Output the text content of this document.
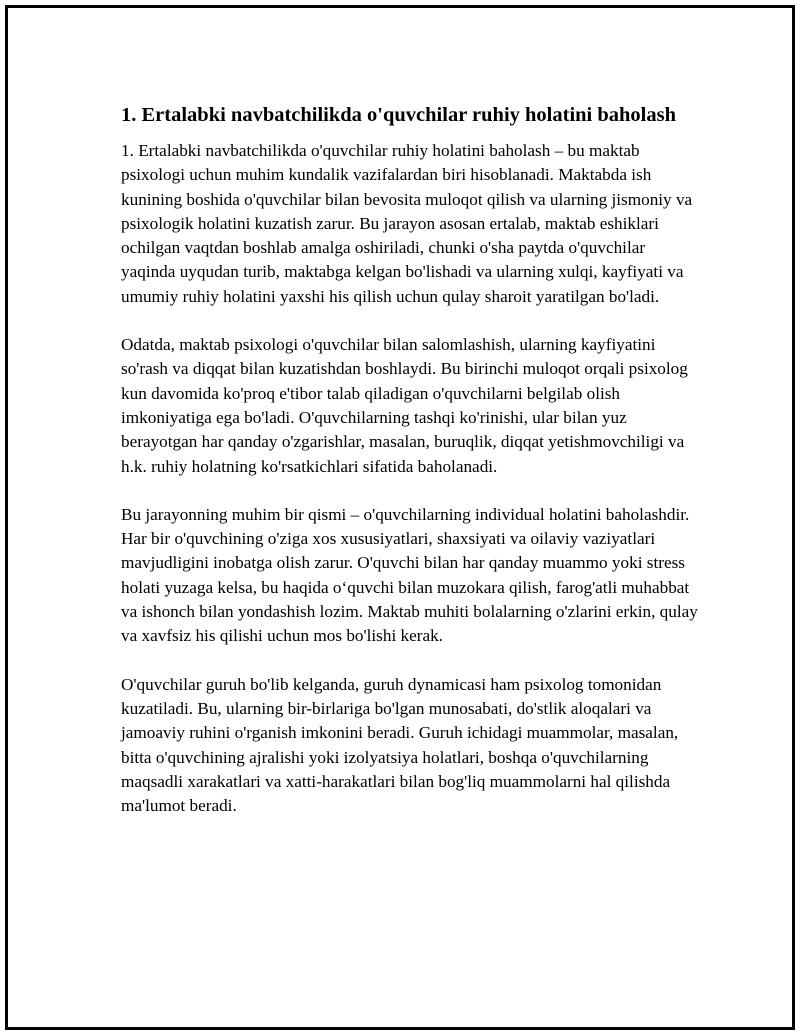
1. Ertalabki navbatchilikda o'quvchilar ruhiy holatini baholash

1. Ertalabki navbatchilikda o'quvchilar ruhiy holatini baholash – bu maktab psixologi uchun muhim kundalik vazifalardan biri hisoblanadi. Maktabda ish kunining boshida o'quvchilar bilan bevosita muloqot qilish va ularning jismoniy va psixologik holatini kuzatish zarur. Bu jarayon asosan ertalab, maktab eshiklari ochilgan vaqtdan boshlab amalga oshiriladi, chunki o'sha paytda o'quvchilar yaqinda uyqudan turib, maktabga kelgan bo'lishadi va ularning xulqi, kayfiyati va umumiy ruhiy holatini yaxshi his qilish uchun qulay sharoit yaratilgan bo'ladi.

Odatda, maktab psixologi o'quvchilar bilan salomlashish, ularning kayfiyatini so'rash va diqqat bilan kuzatishdan boshlaydi. Bu birinchi muloqot orqali psixolog kun davomida ko'proq e'tibor talab qiladigan o'quvchilarni belgilab olish imkoniyatiga ega bo'ladi. O'quvchilarning tashqi ko'rinishi, ular bilan yuz berayotgan har qanday o'zgarishlar, masalan, buruqlik, diqqat yetishmovchiligi va h.k. ruhiy holatning ko'rsatkichlari sifatida baholanadi.

Bu jarayonning muhim bir qismi – o'quvchilarning individual holatini baholashdir. Har bir o'quvchining o'ziga xos xususiyatlari, shaxsiyati va oilaviy vaziyatlari mavjudligini inobatga olish zarur. O'quvchi bilan har qanday muammo yoki stress holati yuzaga kelsa, bu haqida o‘quvchi bilan muzokara qilish, farog'atli muhabbat va ishonch bilan yondashish lozim. Maktab muhiti bolalarning o'zlarini erkin, qulay va xavfsiz his qilishi uchun mos bo'lishi kerak.

O'quvchilar guruh bo'lib kelganda, guruh dynamicasi ham psixolog tomonidan kuzatiladi. Bu, ularning bir-birlariga bo'lgan munosabati, do'stlik aloqalari va jamoaviy ruhini o'rganish imkonini beradi. Guruh ichidagi muammolar, masalan, bitta o'quvchining ajralishi yoki izolyatsiya holatlari, boshqa o'quvchilarning maqsadli xarakatlari va xatti-harakatlari bilan bog'liq muammolarni hal qilishda ma'lumot beradi.
